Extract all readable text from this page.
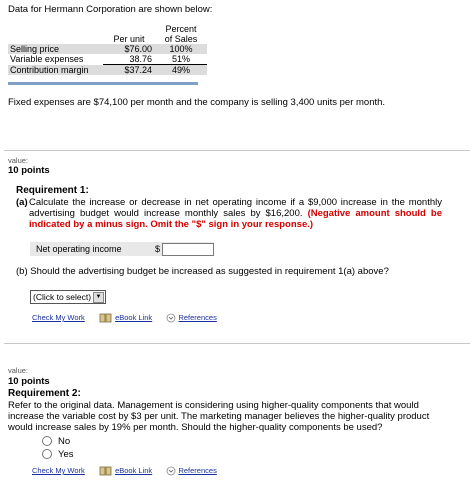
Data for Hermann Corporation are shown below:
		Percent
	Per unit	of Sales
Selling price	$76.00	100%
Variable expenses	38.76	51%
Contribution margin	$37.24	49%
Fixed expenses are $74,100 per month and the company is selling 3,400 units per month.
value:
10 points
Requirement 1:
(a) Calculate the increase or decrease in net operating income if a $9,000 increase in the monthly advertising budget would increase monthly sales by $16,200. (Negative amount should be indicated by a minus sign. Omit the "$" sign in your response.)
Net operating income	$
(b) Should the advertising budget be increased as suggested in requirement 1(a) above?
(Click to select) ▼
Check My Work	eBook Link	References
value:
10 points
Requirement 2:
Refer to the original data. Management is considering using higher-quality components that would increase the variable cost by $3 per unit. The marketing manager believes the higher-quality product would increase sales by 19% per month. Should the higher-quality components be used?
No
Yes
Check My Work	eBook Link	References
